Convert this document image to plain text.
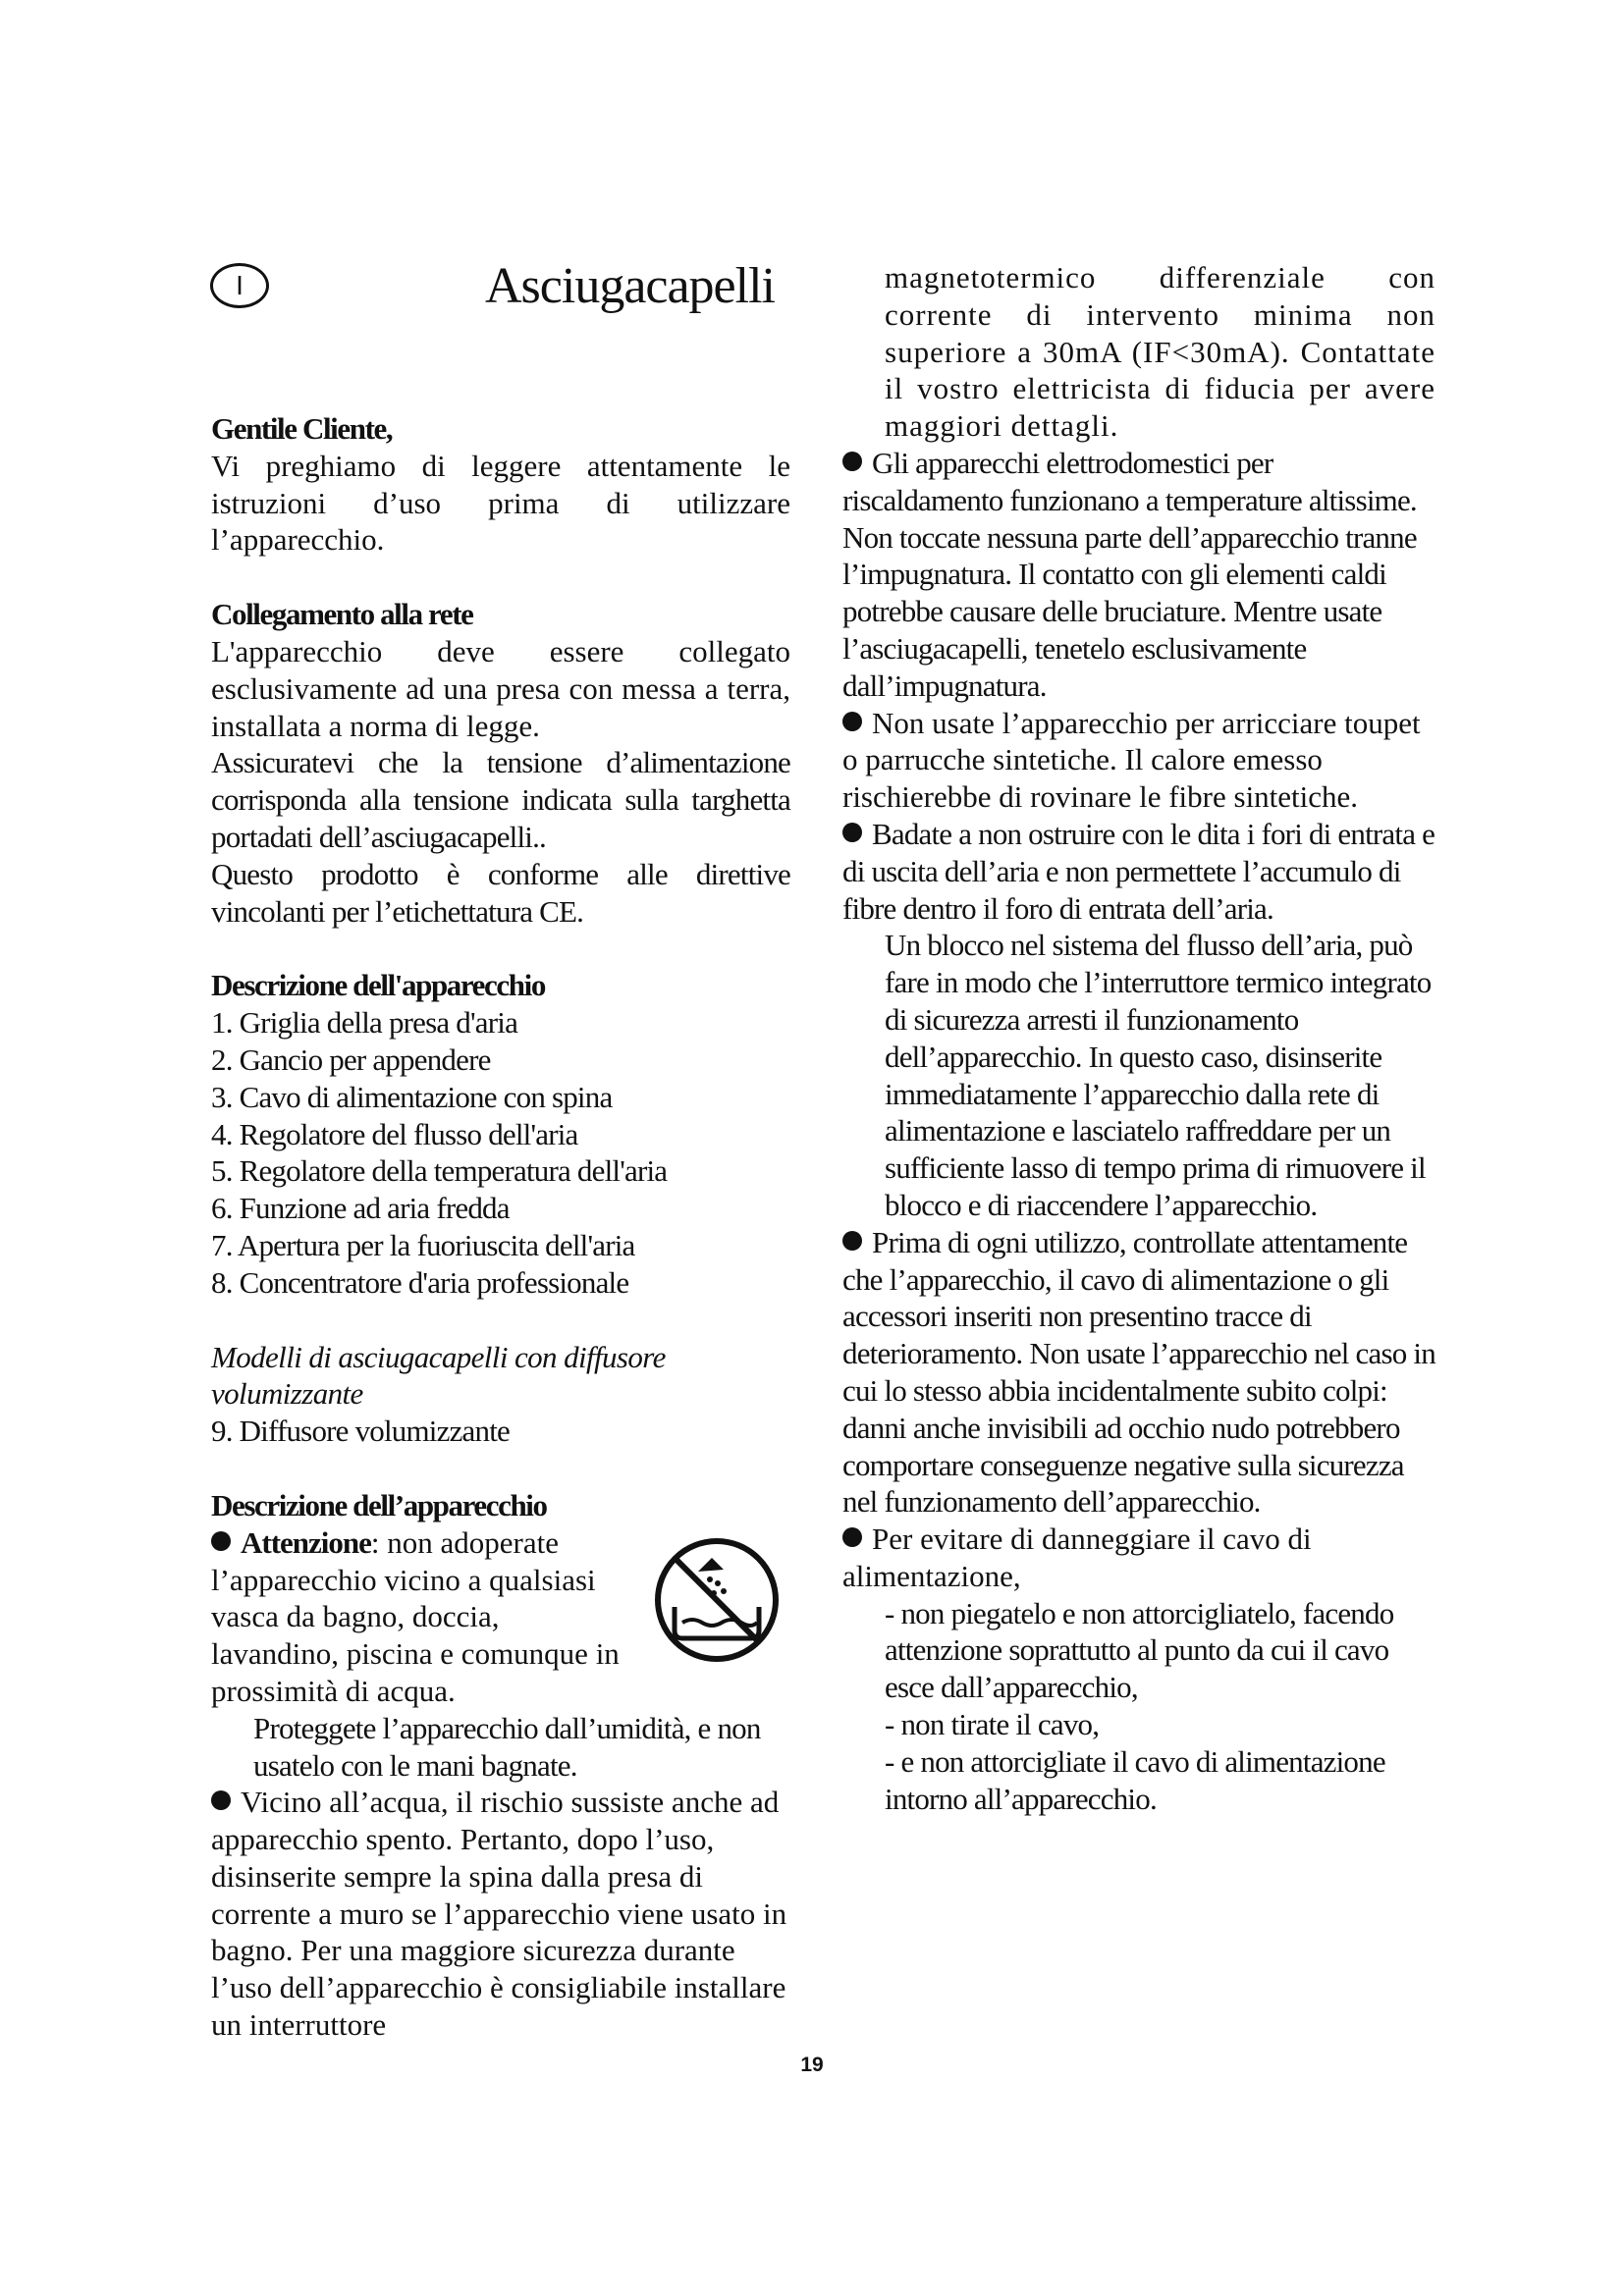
I	Asciugacapelli
Gentile Cliente,
Vi preghiamo di leggere attentamente le istruzioni d’uso prima di utilizzare l’apparecchio.
Collegamento alla rete
L'apparecchio deve essere collegato esclusivamente ad una presa con messa a terra, installata a norma di legge.
Assicuratevi che la tensione d’alimentazione corrisponda alla tensione indicata sulla targhetta portadati dell’asciugacapelli..
Questo prodotto è conforme alle direttive vincolanti per l’etichettatura CE.
Descrizione dell'apparecchio
1. Griglia della presa d'aria
2. Gancio per appendere
3. Cavo di alimentazione con spina
4. Regolatore del flusso dell'aria
5. Regolatore della temperatura dell'aria
6. Funzione ad aria fredda
7. Apertura per la fuoriuscita dell'aria
8. Concentratore d'aria professionale
Modelli di asciugacapelli con diffusore volumizzante
9. Diffusore volumizzante
Descrizione dell’apparecchio
Attenzione: non adoperate l’apparecchio vicino a qualsiasi vasca da bagno, doccia, lavandino, piscina e comunque in prossimità di acqua.
Proteggete l’apparecchio dall’umidità, e non usatelo con le mani bagnate.
Vicino all’acqua, il rischio sussiste anche ad apparecchio spento. Pertanto, dopo l’uso, disinserite sempre la spina dalla presa di corrente a muro se l’apparecchio viene usato in bagno. Per una maggiore sicurezza durante l’uso dell’apparecchio è consigliabile installare un interruttore
magnetotermico differenziale con corrente di intervento minima non superiore a 30mA (IF<30mA). Contattate il vostro elettricista di fiducia per avere maggiori dettagli.
Gli apparecchi elettrodomestici per riscaldamento funzionano a temperature altissime. Non toccate nessuna parte dell’apparecchio tranne l’impugnatura. Il contatto con gli elementi caldi potrebbe causare delle bruciature. Mentre usate l’asciugacapelli, tenetelo esclusivamente dall’impugnatura.
Non usate l’apparecchio per arricciare toupet o parrucche sintetiche. Il calore emesso rischierebbe di rovinare le fibre sintetiche.
Badate a non ostruire con le dita i fori di entrata e di uscita dell’aria e non permettete l’accumulo di fibre dentro il foro di entrata dell’aria.
Un blocco nel sistema del flusso dell’aria, può fare in modo che l’interruttore termico integrato di sicurezza arresti il funzionamento dell’apparecchio. In questo caso, disinserite immediatamente l’apparecchio dalla rete di alimentazione e lasciatelo raffreddare per un sufficiente lasso di tempo prima di rimuovere il blocco e di riaccendere l’apparecchio.
Prima di ogni utilizzo, controllate attentamente che l’apparecchio, il cavo di alimentazione o gli accessori inseriti non presentino tracce di deterioramento. Non usate l’apparecchio nel caso in cui lo stesso abbia incidentalmente subito colpi: danni anche invisibili ad occhio nudo potrebbero comportare conseguenze negative sulla sicurezza nel funzionamento dell’apparecchio.
Per evitare di danneggiare il cavo di alimentazione,
- non piegatelo e non attorcigliatelo, facendo attenzione soprattutto al punto da cui il cavo esce dall’apparecchio,
- non tirate il cavo,
- e non attorcigliate il cavo di alimentazione intorno all’apparecchio.
19
